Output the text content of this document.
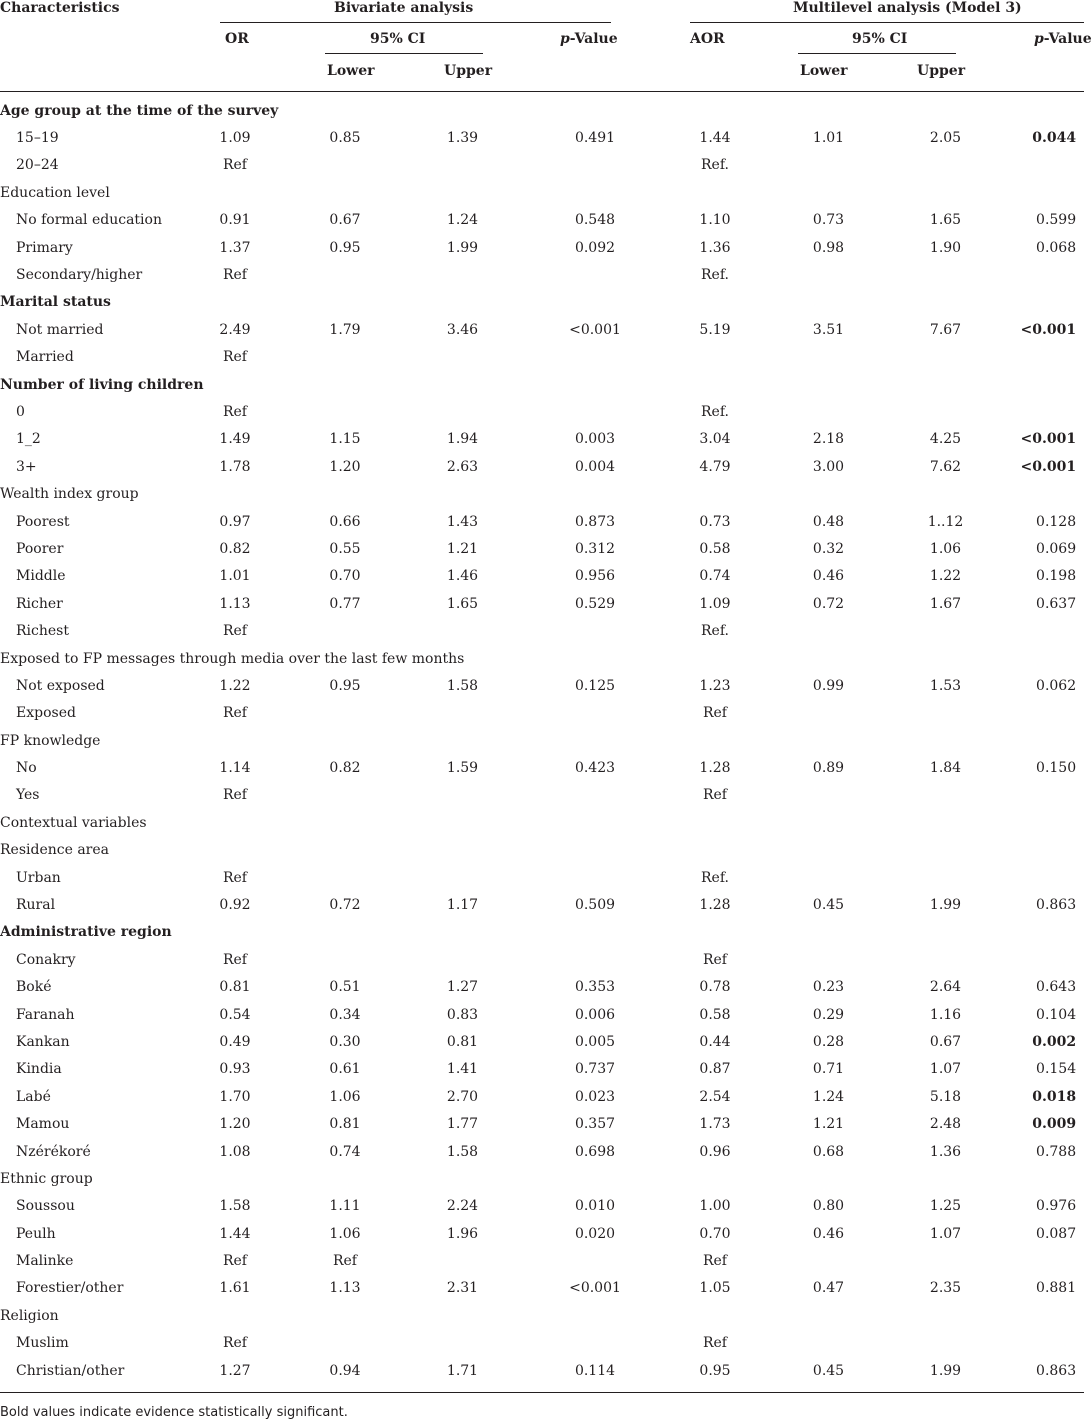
Characteristics	Bivariate analysis	Multilevel analysis (Model 3)
OR	95% CI	p-Value	AOR	95% CI	p-Value
Lower	Upper	Lower	Upper
Age group at the time of the survey								
15–19	1.09	0.85	1.39	0.491	1.44	1.01	2.05	0.044
20–24	Ref				Ref.			
Education level								
No formal education	0.91	0.67	1.24	0.548	1.10	0.73	1.65	0.599
Primary	1.37	0.95	1.99	0.092	1.36	0.98	1.90	0.068
Secondary/higher	Ref				Ref.			
Marital status								
Not married	2.49	1.79	3.46	<0.001	5.19	3.51	7.67	<0.001
Married	Ref							
Number of living children								
0	Ref				Ref.			
1_2	1.49	1.15	1.94	0.003	3.04	2.18	4.25	<0.001
3+	1.78	1.20	2.63	0.004	4.79	3.00	7.62	<0.001
Wealth index group								
Poorest	0.97	0.66	1.43	0.873	0.73	0.48	1..12	0.128
Poorer	0.82	0.55	1.21	0.312	0.58	0.32	1.06	0.069
Middle	1.01	0.70	1.46	0.956	0.74	0.46	1.22	0.198
Richer	1.13	0.77	1.65	0.529	1.09	0.72	1.67	0.637
Richest	Ref				Ref.			
Exposed to FP messages through media over the last few months								
Not exposed	1.22	0.95	1.58	0.125	1.23	0.99	1.53	0.062
Exposed	Ref				Ref			
FP knowledge								
No	1.14	0.82	1.59	0.423	1.28	0.89	1.84	0.150
Yes	Ref				Ref			
Contextual variables								
Residence area								
Urban	Ref				Ref.			
Rural	0.92	0.72	1.17	0.509	1.28	0.45	1.99	0.863
Administrative region								
Conakry	Ref				Ref			
Boké	0.81	0.51	1.27	0.353	0.78	0.23	2.64	0.643
Faranah	0.54	0.34	0.83	0.006	0.58	0.29	1.16	0.104
Kankan	0.49	0.30	0.81	0.005	0.44	0.28	0.67	0.002
Kindia	0.93	0.61	1.41	0.737	0.87	0.71	1.07	0.154
Labé	1.70	1.06	2.70	0.023	2.54	1.24	5.18	0.018
Mamou	1.20	0.81	1.77	0.357	1.73	1.21	2.48	0.009
Nzérékoré	1.08	0.74	1.58	0.698	0.96	0.68	1.36	0.788
Ethnic group								
Soussou	1.58	1.11	2.24	0.010	1.00	0.80	1.25	0.976
Peulh	1.44	1.06	1.96	0.020	0.70	0.46	1.07	0.087
Malinke	Ref	Ref			Ref			
Forestier/other	1.61	1.13	2.31	<0.001	1.05	0.47	2.35	0.881
Religion								
Muslim	Ref				Ref			
Christian/other	1.27	0.94	1.71	0.114	0.95	0.45	1.99	0.863
Bold values indicate evidence statistically significant.
